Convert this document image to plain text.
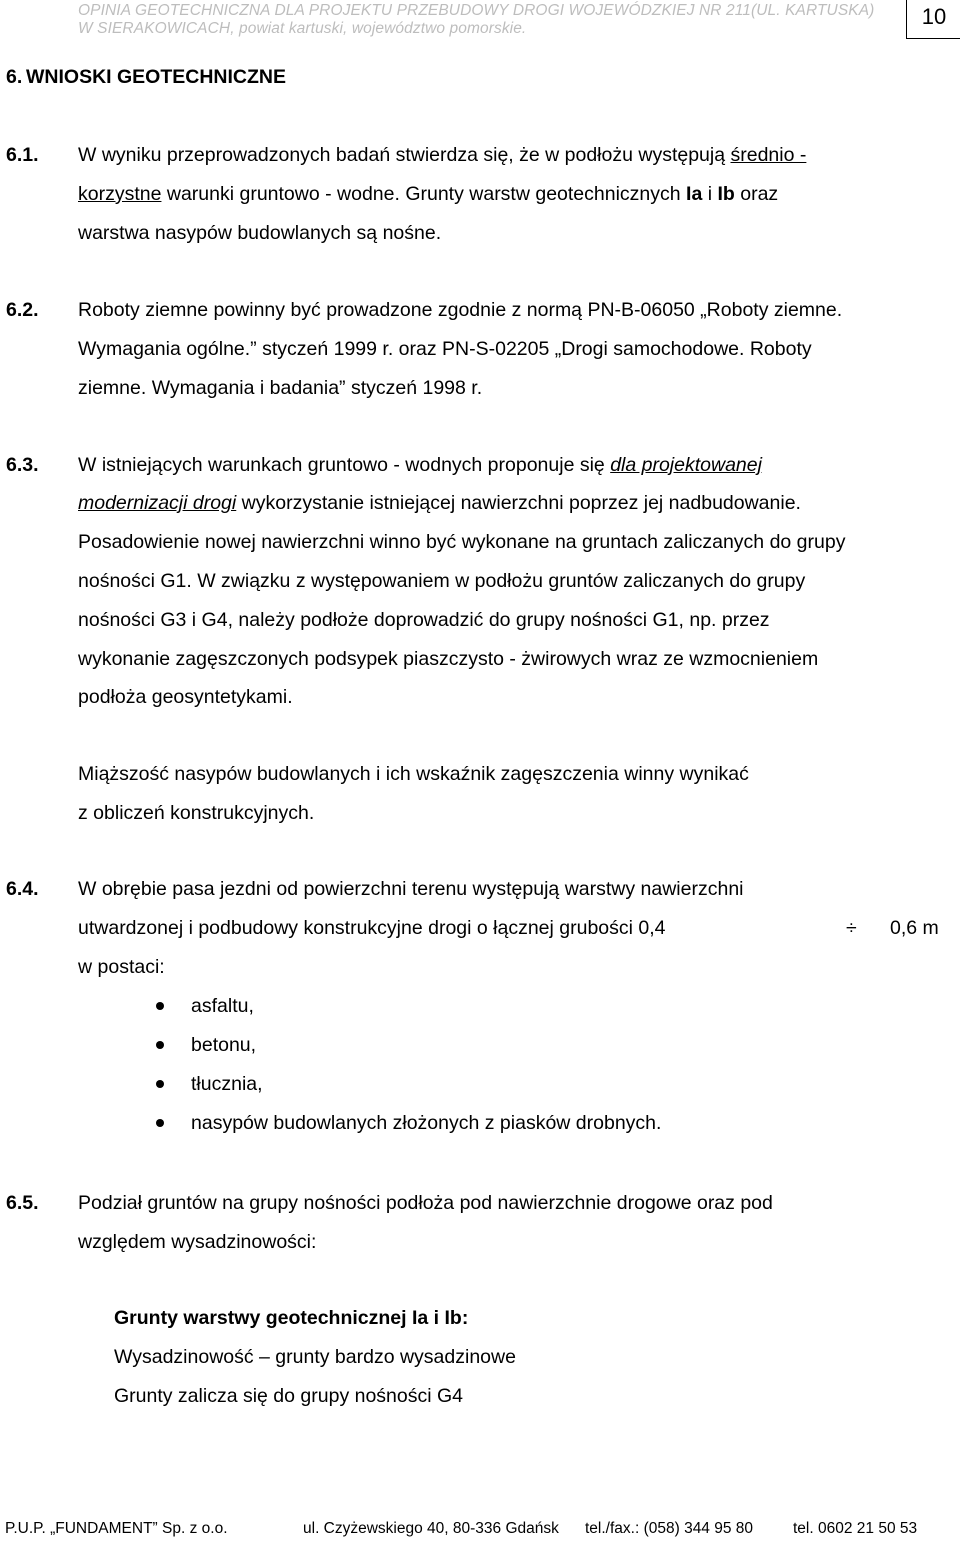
OPINIA GEOTECHNICZNA DLA PROJEKTU PRZEBUDOWY DROGI WOJEWÓDZKIEJ NR 211(UL. KARTUSKA)
W SIERAKOWICACH, powiat kartuski, województwo pomorskie.	10
6. WNIOSKI GEOTECHNICZNE
6.1. W wyniku przeprowadzonych badań stwierdza się, że w podłożu występują średnio -
korzystne warunki gruntowo - wodne. Grunty warstw geotechnicznych Ia i Ib oraz
warstwa nasypów budowlanych są nośne.
6.2. Roboty ziemne powinny być prowadzone zgodnie z normą PN-B-06050 „Roboty ziemne.
Wymagania ogólne.” styczeń 1999 r. oraz PN-S-02205 „Drogi samochodowe. Roboty
ziemne. Wymagania i badania” styczeń 1998 r.
6.3. W istniejących warunkach gruntowo - wodnych proponuje się dla projektowanej
modernizacji drogi wykorzystanie istniejącej nawierzchni poprzez jej nadbudowanie.
Posadowienie nowej nawierzchni winno być wykonane na gruntach zaliczanych do grupy
nośności G1. W związku z występowaniem w podłożu gruntów zaliczanych do grupy
nośności G3 i G4, należy podłoże doprowadzić do grupy nośności G1, np. przez
wykonanie zagęszczonych podsypek piaszczysto - żwirowych wraz ze wzmocnieniem
podłoża geosyntetykami.
Miąższość nasypów budowlanych i ich wskaźnik zagęszczenia winny wynikać
z obliczeń konstrukcyjnych.
6.4. W obrębie pasa jezdni od powierzchni terenu występują warstwy nawierzchni
utwardzonej i podbudowy konstrukcyjne drogi o łącznej grubości 0,4	÷ 0,6 m
w postaci:
asfaltu,
betonu,
tłucznia,
nasypów budowlanych złożonych z piasków drobnych.
6.5. Podział gruntów na grupy nośności podłoża pod nawierzchnie drogowe oraz pod
względem wysadzinowości:
Grunty warstwy geotechnicznej Ia i Ib:
Wysadzinowość – grunty bardzo wysadzinowe
Grunty zalicza się do grupy nośności G4
P.U.P. „FUNDAMENT” Sp. z o.o.	ul. Czyżewskiego 40, 80-336 Gdańsk tel./fax.: (058) 344 95 80	tel. 0602 21 50 53
